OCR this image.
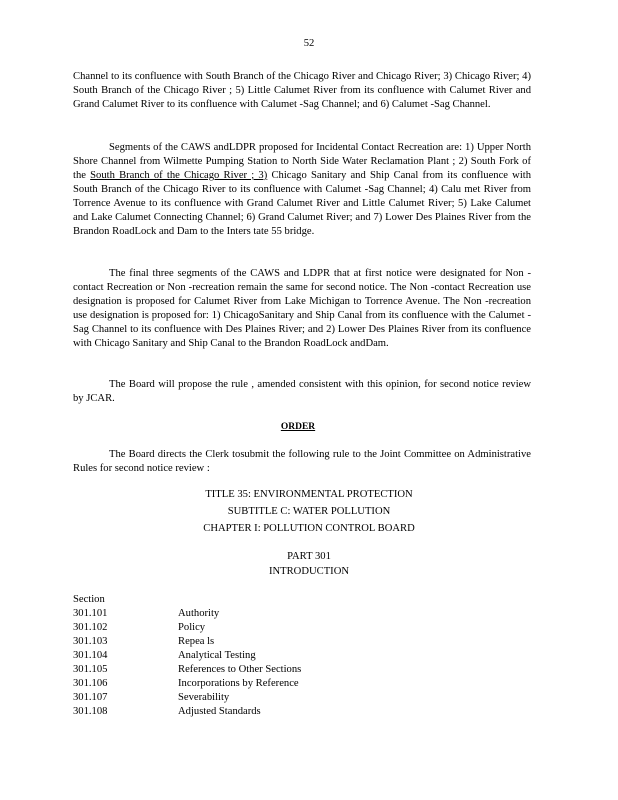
52

Channel to its confluence with South Branch of the Chicago River and Chicago River; 3) Chicago River; 4) South Branch of the Chicago River ; 5) Little Calumet River from its confluence with Calumet River and Grand Calumet River to its confluence with Calumet -Sag Channel; and 6) Calumet -Sag Channel.

Segments of the CAWS andLDPR proposed for Incidental Contact Recreation are: 1) Upper North Shore Channel from Wilmette Pumping Station to North Side Water Reclamation Plant ; 2) South Fork of the South Branch of the Chicago River ; 3) Chicago Sanitary and Ship Canal from its confluence with South Branch of the Chicago River to its confluence with Calumet -Sag Channel; 4) Calu met River from Torrence Avenue to its confluence with Grand Calumet River and Little Calumet River; 5) Lake Calumet and Lake Calumet Connecting Channel; 6) Grand Calumet River; and 7) Lower Des Plaines River from the Brandon RoadLock and Dam to the Inters tate 55 bridge.

The final three segments of the CAWS and LDPR that at first notice were designated for Non -contact Recreation or Non -recreation remain the same for second notice. The Non -contact Recreation use designation is proposed for Calumet River from Lake Michigan to Torrence Avenue. The Non -recreation use designation is proposed for: 1) ChicagoSanitary and Ship Canal from its confluence with the Calumet -Sag Channel to its confluence with Des Plaines River; and 2) Lower Des Plaines River from its confluence with Chicago Sanitary and Ship Canal to the Brandon RoadLock andDam.

The Board will propose the rule , amended consistent with this opinion, for second notice review by JCAR.

ORDER

The Board directs the Clerk tosubmit the following rule to the Joint Committee on Administrative Rules for second notice review :

TITLE 35: ENVIRONMENTAL PROTECTION
SUBTITLE C: WATER POLLUTION
CHAPTER I: POLLUTION CONTROL BOARD
PART 301
INTRODUCTION

Section

301.101	Authority
301.102	Policy
301.103	Repea ls
301.104	Analytical Testing
301.105	References to Other Sections
301.106	Incorporations by Reference
301.107	Severability
301.108	Adjusted Standards
